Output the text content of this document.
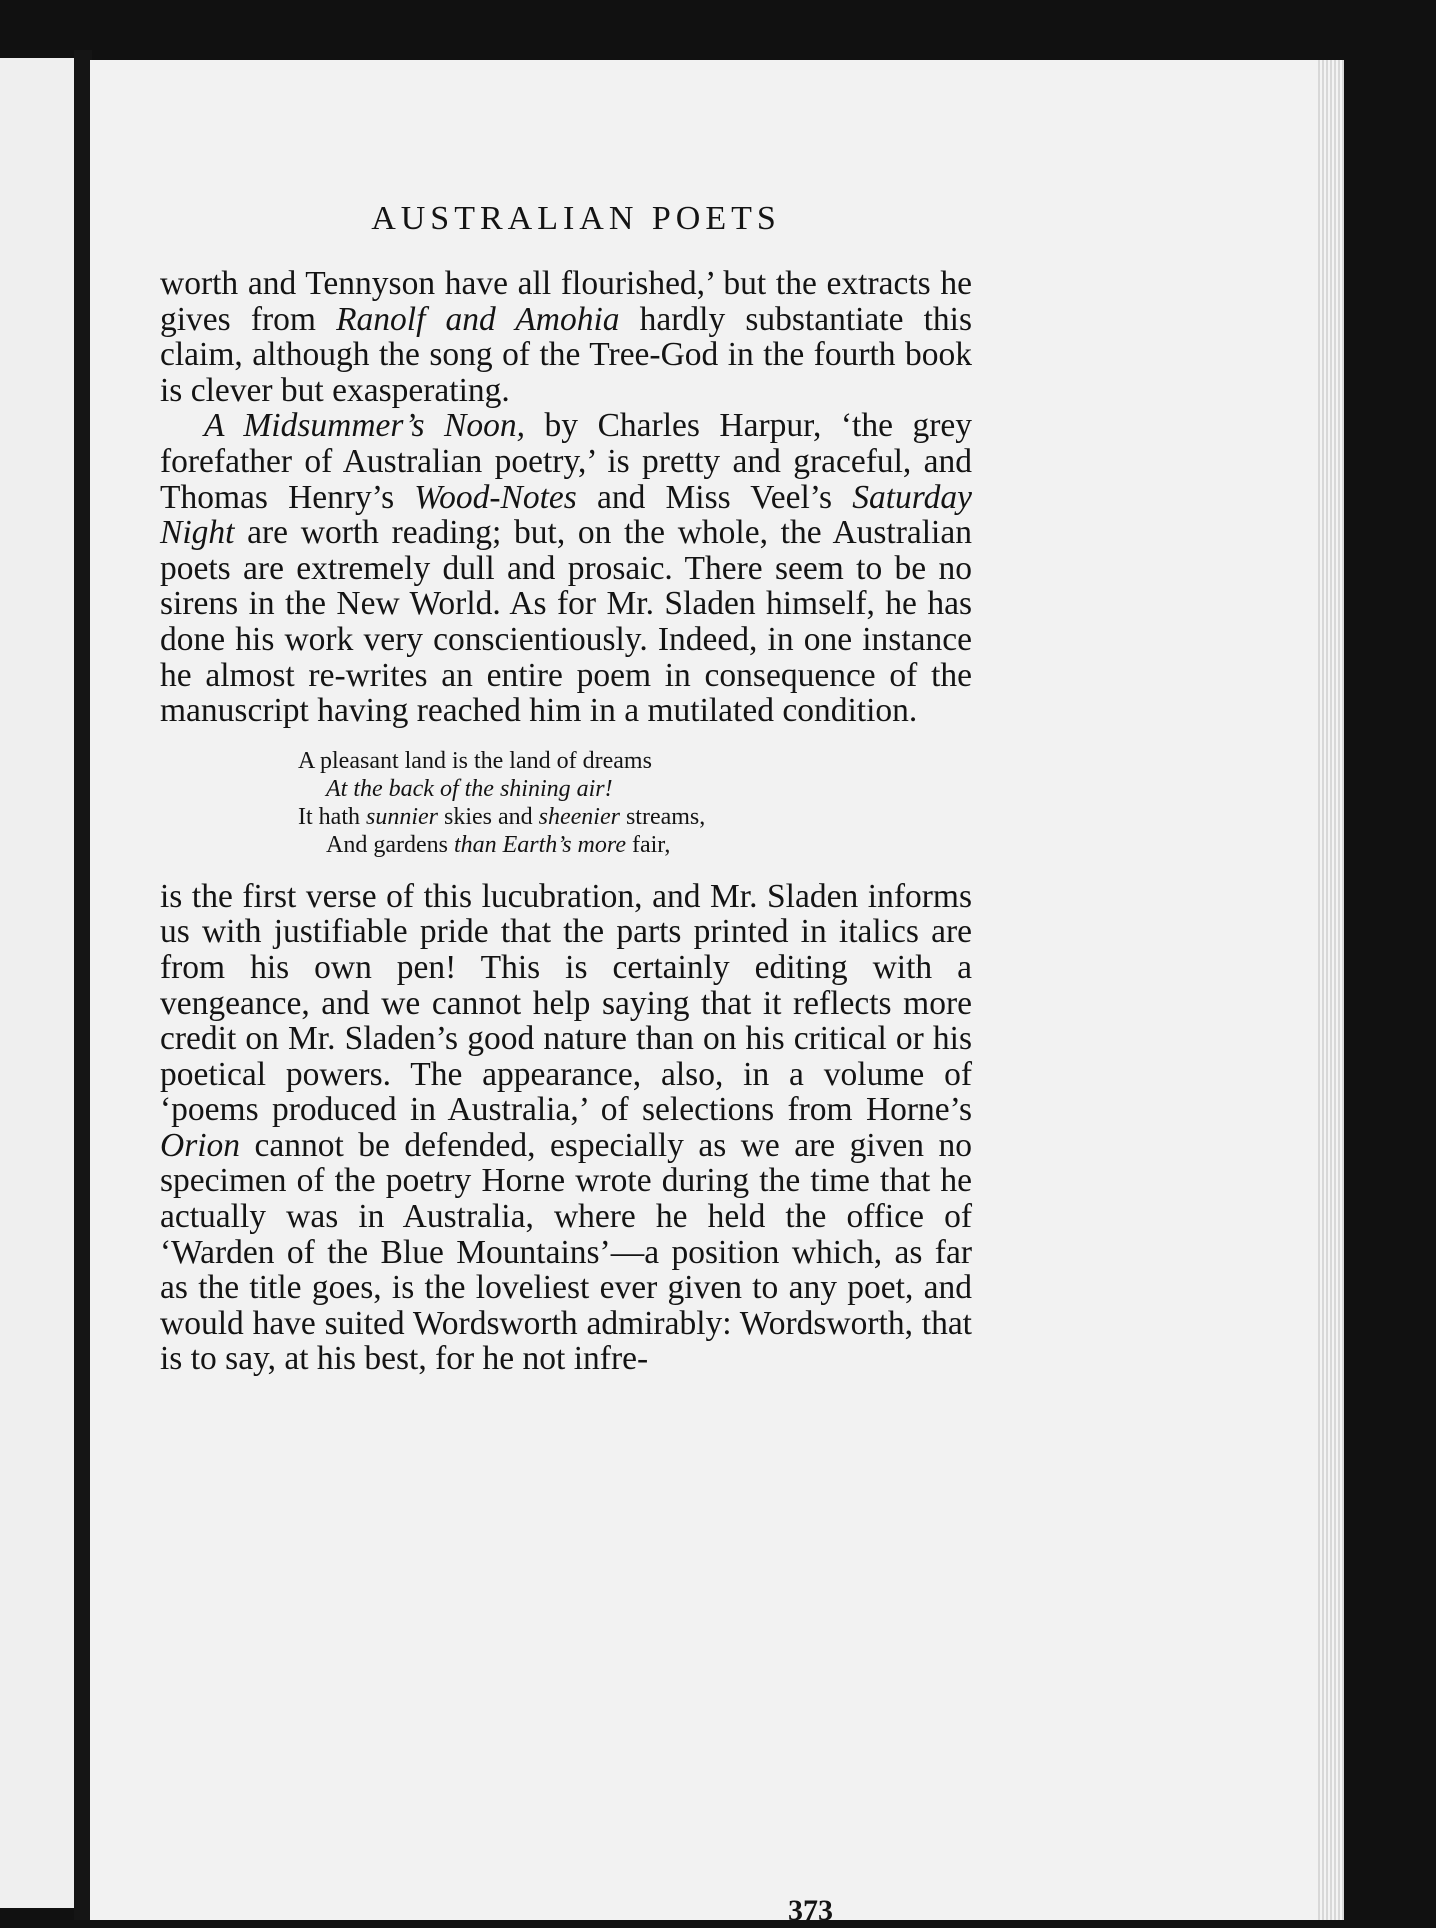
AUSTRALIAN POETS

worth and Tennyson have all flourished,’ but the extracts he gives from Ranolf and Amohia hardly substantiate this claim, although the song of the Tree-God in the fourth book is clever but exasperating.

A Midsummer’s Noon, by Charles Harpur, ‘the grey forefather of Australian poetry,’ is pretty and graceful, and Thomas Henry’s Wood-Notes and Miss Veel’s Saturday Night are worth reading; but, on the whole, the Australian poets are extremely dull and prosaic. There seem to be no sirens in the New World. As for Mr. Sladen himself, he has done his work very conscientiously. Indeed, in one instance he almost re-writes an entire poem in consequence of the manuscript having reached him in a mutilated condition.

A pleasant land is the land of dreams
At the back of the shining air!
It hath sunnier skies and sheenier streams,
And gardens than Earth’s more fair,

is the first verse of this lucubration, and Mr. Sladen informs us with justifiable pride that the parts printed in italics are from his own pen! This is certainly editing with a vengeance, and we cannot help saying that it reflects more credit on Mr. Sladen’s good nature than on his critical or his poetical powers. The appearance, also, in a volume of ‘poems produced in Australia,’ of selections from Horne’s Orion cannot be defended, especially as we are given no specimen of the poetry Horne wrote during the time that he actually was in Australia, where he held the office of ‘Warden of the Blue Mountains’—a position which, as far as the title goes, is the loveliest ever given to any poet, and would have suited Wordsworth admirably: Wordsworth, that is to say, at his best, for he not infre-

373
